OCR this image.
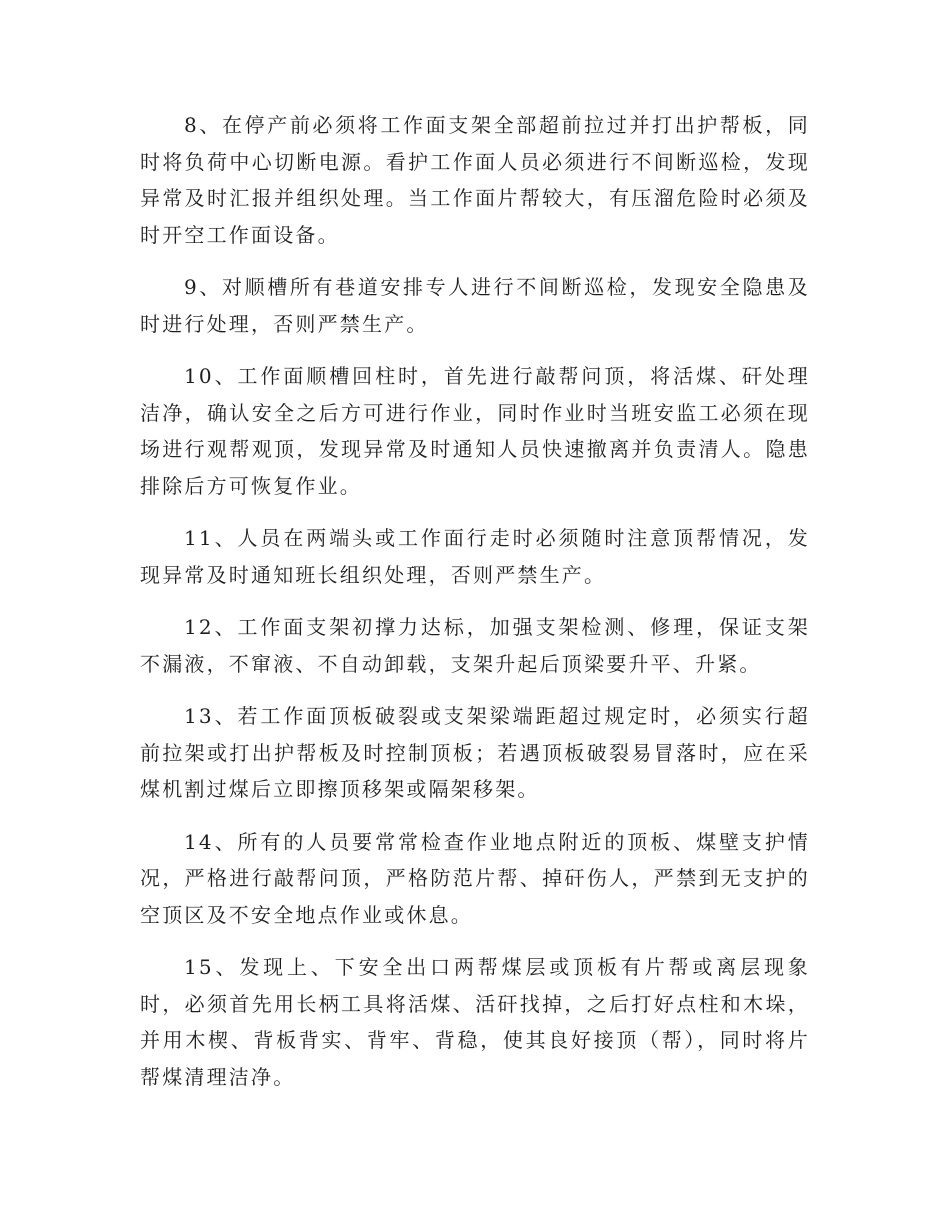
8、在停产前必须将工作面支架全部超前拉过并打出护帮板，同时将负荷中心切断电源。看护工作面人员必须进行不间断巡检，发现异常及时汇报并组织处理。当工作面片帮较大，有压溜危险时必须及时开空工作面设备。

9、对顺槽所有巷道安排专人进行不间断巡检，发现安全隐患及时进行处理，否则严禁生产。

10、工作面顺槽回柱时，首先进行敲帮问顶，将活煤、矸处理洁净，确认安全之后方可进行作业，同时作业时当班安监工必须在现场进行观帮观顶，发现异常及时通知人员快速撤离并负责清人。隐患排除后方可恢复作业。

11、人员在两端头或工作面行走时必须随时注意顶帮情况，发现异常及时通知班长组织处理，否则严禁生产。

12、工作面支架初撑力达标，加强支架检测、修理，保证支架不漏液，不窜液、不自动卸载，支架升起后顶梁要升平、升紧。

13、若工作面顶板破裂或支架梁端距超过规定时，必须实行超前拉架或打出护帮板及时控制顶板；若遇顶板破裂易冒落时，应在采煤机割过煤后立即擦顶移架或隔架移架。

14、所有的人员要常常检查作业地点附近的顶板、煤壁支护情况，严格进行敲帮问顶，严格防范片帮、掉矸伤人，严禁到无支护的空顶区及不安全地点作业或休息。

15、发现上、下安全出口两帮煤层或顶板有片帮或离层现象时，必须首先用长柄工具将活煤、活矸找掉，之后打好点柱和木垛，并用木楔、背板背实、背牢、背稳，使其良好接顶（帮），同时将片帮煤清理洁净。
